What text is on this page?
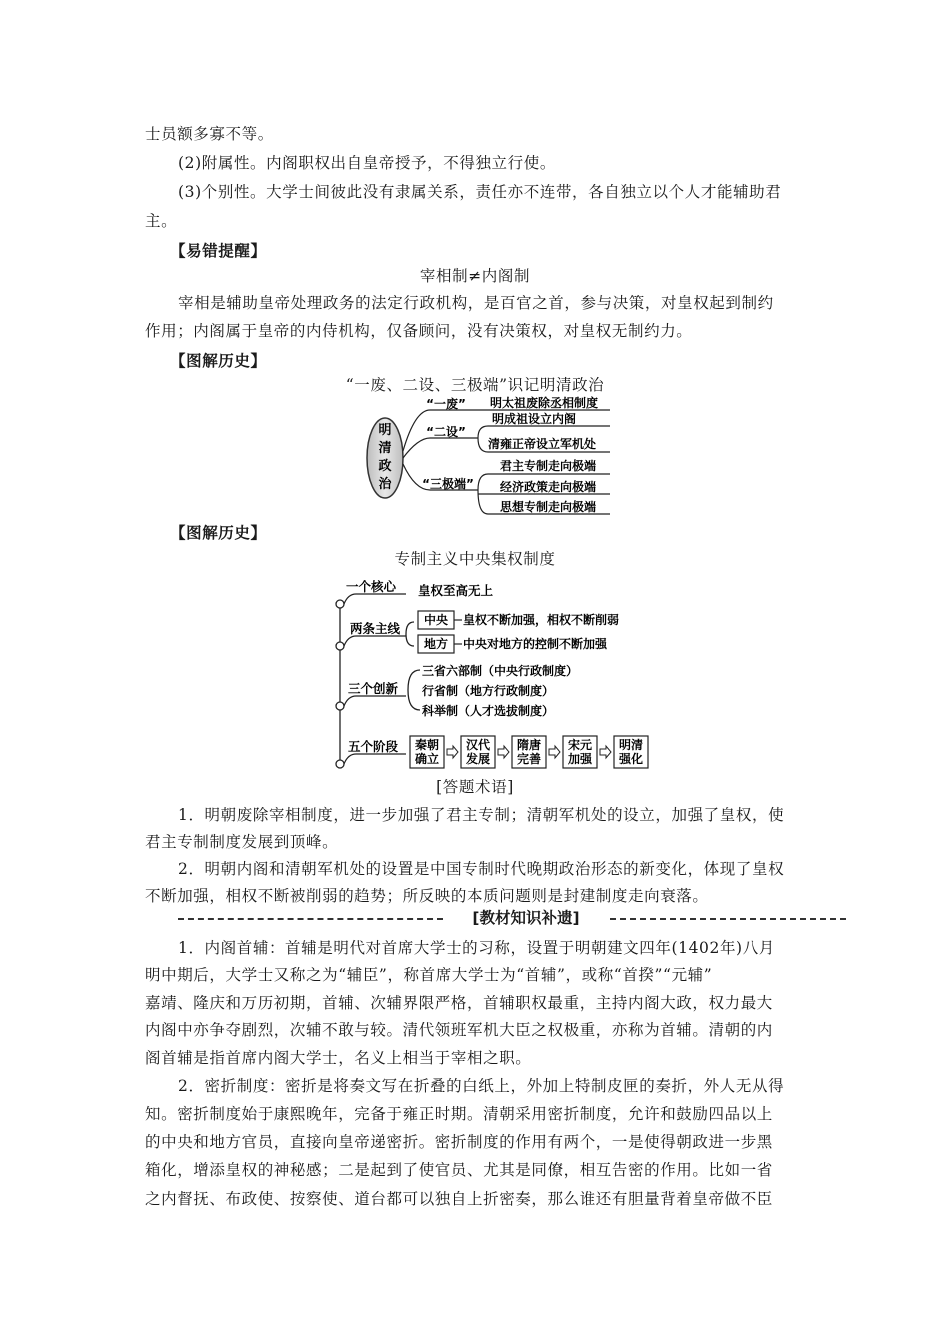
士员额多寡不等。
(2)附属性。内阁职权出自皇帝授予，不得独立行使。
(3)个别性。大学士间彼此没有隶属关系，责任亦不连带，各自独立以个人才能辅助君
主。
【易错提醒】
宰相制≠内阁制
宰相是辅助皇帝处理政务的法定行政机构，是百官之首，参与决策，对皇权起到制约
作用；内阁属于皇帝的内侍机构，仅备顾问，没有决策权，对皇权无制约力。
【图解历史】
“一废、二设、三极端”识记明清政治
明
清
政
治
“一废”
“二设”
“三极端”
明太祖废除丞相制度
明成祖设立内阁
清雍正帝设立军机处
君主专制走向极端
经济政策走向极端
思想专制走向极端
【图解历史】
专制主义中央集权制度
一个核心
两条主线
三个创新
五个阶段
皇权至高无上
中央
地方
皇权不断加强，相权不断削弱
中央对地方的控制不断加强
三省六部制（中央行政制度）
行省制（地方行政制度）
科举制（人才选拔制度）
秦朝
确立
汉代
发展
隋唐
完善
宋元
加强
明清
强化
[答题术语]
1．明朝废除宰相制度，进一步加强了君主专制；清朝军机处的设立，加强了皇权，使
君主专制制度发展到顶峰。
2．明朝内阁和清朝军机处的设置是中国专制时代晚期政治形态的新变化，体现了皇权
不断加强，相权不断被削弱的趋势；所反映的本质问题则是封建制度走向衰落。
[教材知识补遗]
1．内阁首辅：首辅是明代对首席大学士的习称，设置于明朝建文四年(1402年)八月
明中期后，大学士又称之为“辅臣”，称首席大学士为“首辅”，或称“首揆”“元辅”
嘉靖、隆庆和万历初期，首辅、次辅界限严格，首辅职权最重，主持内阁大政，权力最大
内阁中亦争夺剧烈，次辅不敢与较。清代领班军机大臣之权极重，亦称为首辅。清朝的内
阁首辅是指首席内阁大学士，名义上相当于宰相之职。
2．密折制度：密折是将奏文写在折叠的白纸上，外加上特制皮匣的奏折，外人无从得
知。密折制度始于康熙晚年，完备于雍正时期。清朝采用密折制度，允许和鼓励四品以上
的中央和地方官员，直接向皇帝递密折。密折制度的作用有两个，一是使得朝政进一步黑
箱化，增添皇权的神秘感；二是起到了使官员、尤其是同僚，相互告密的作用。比如一省
之内督抚、布政使、按察使、道台都可以独自上折密奏，那么谁还有胆量背着皇帝做不臣
